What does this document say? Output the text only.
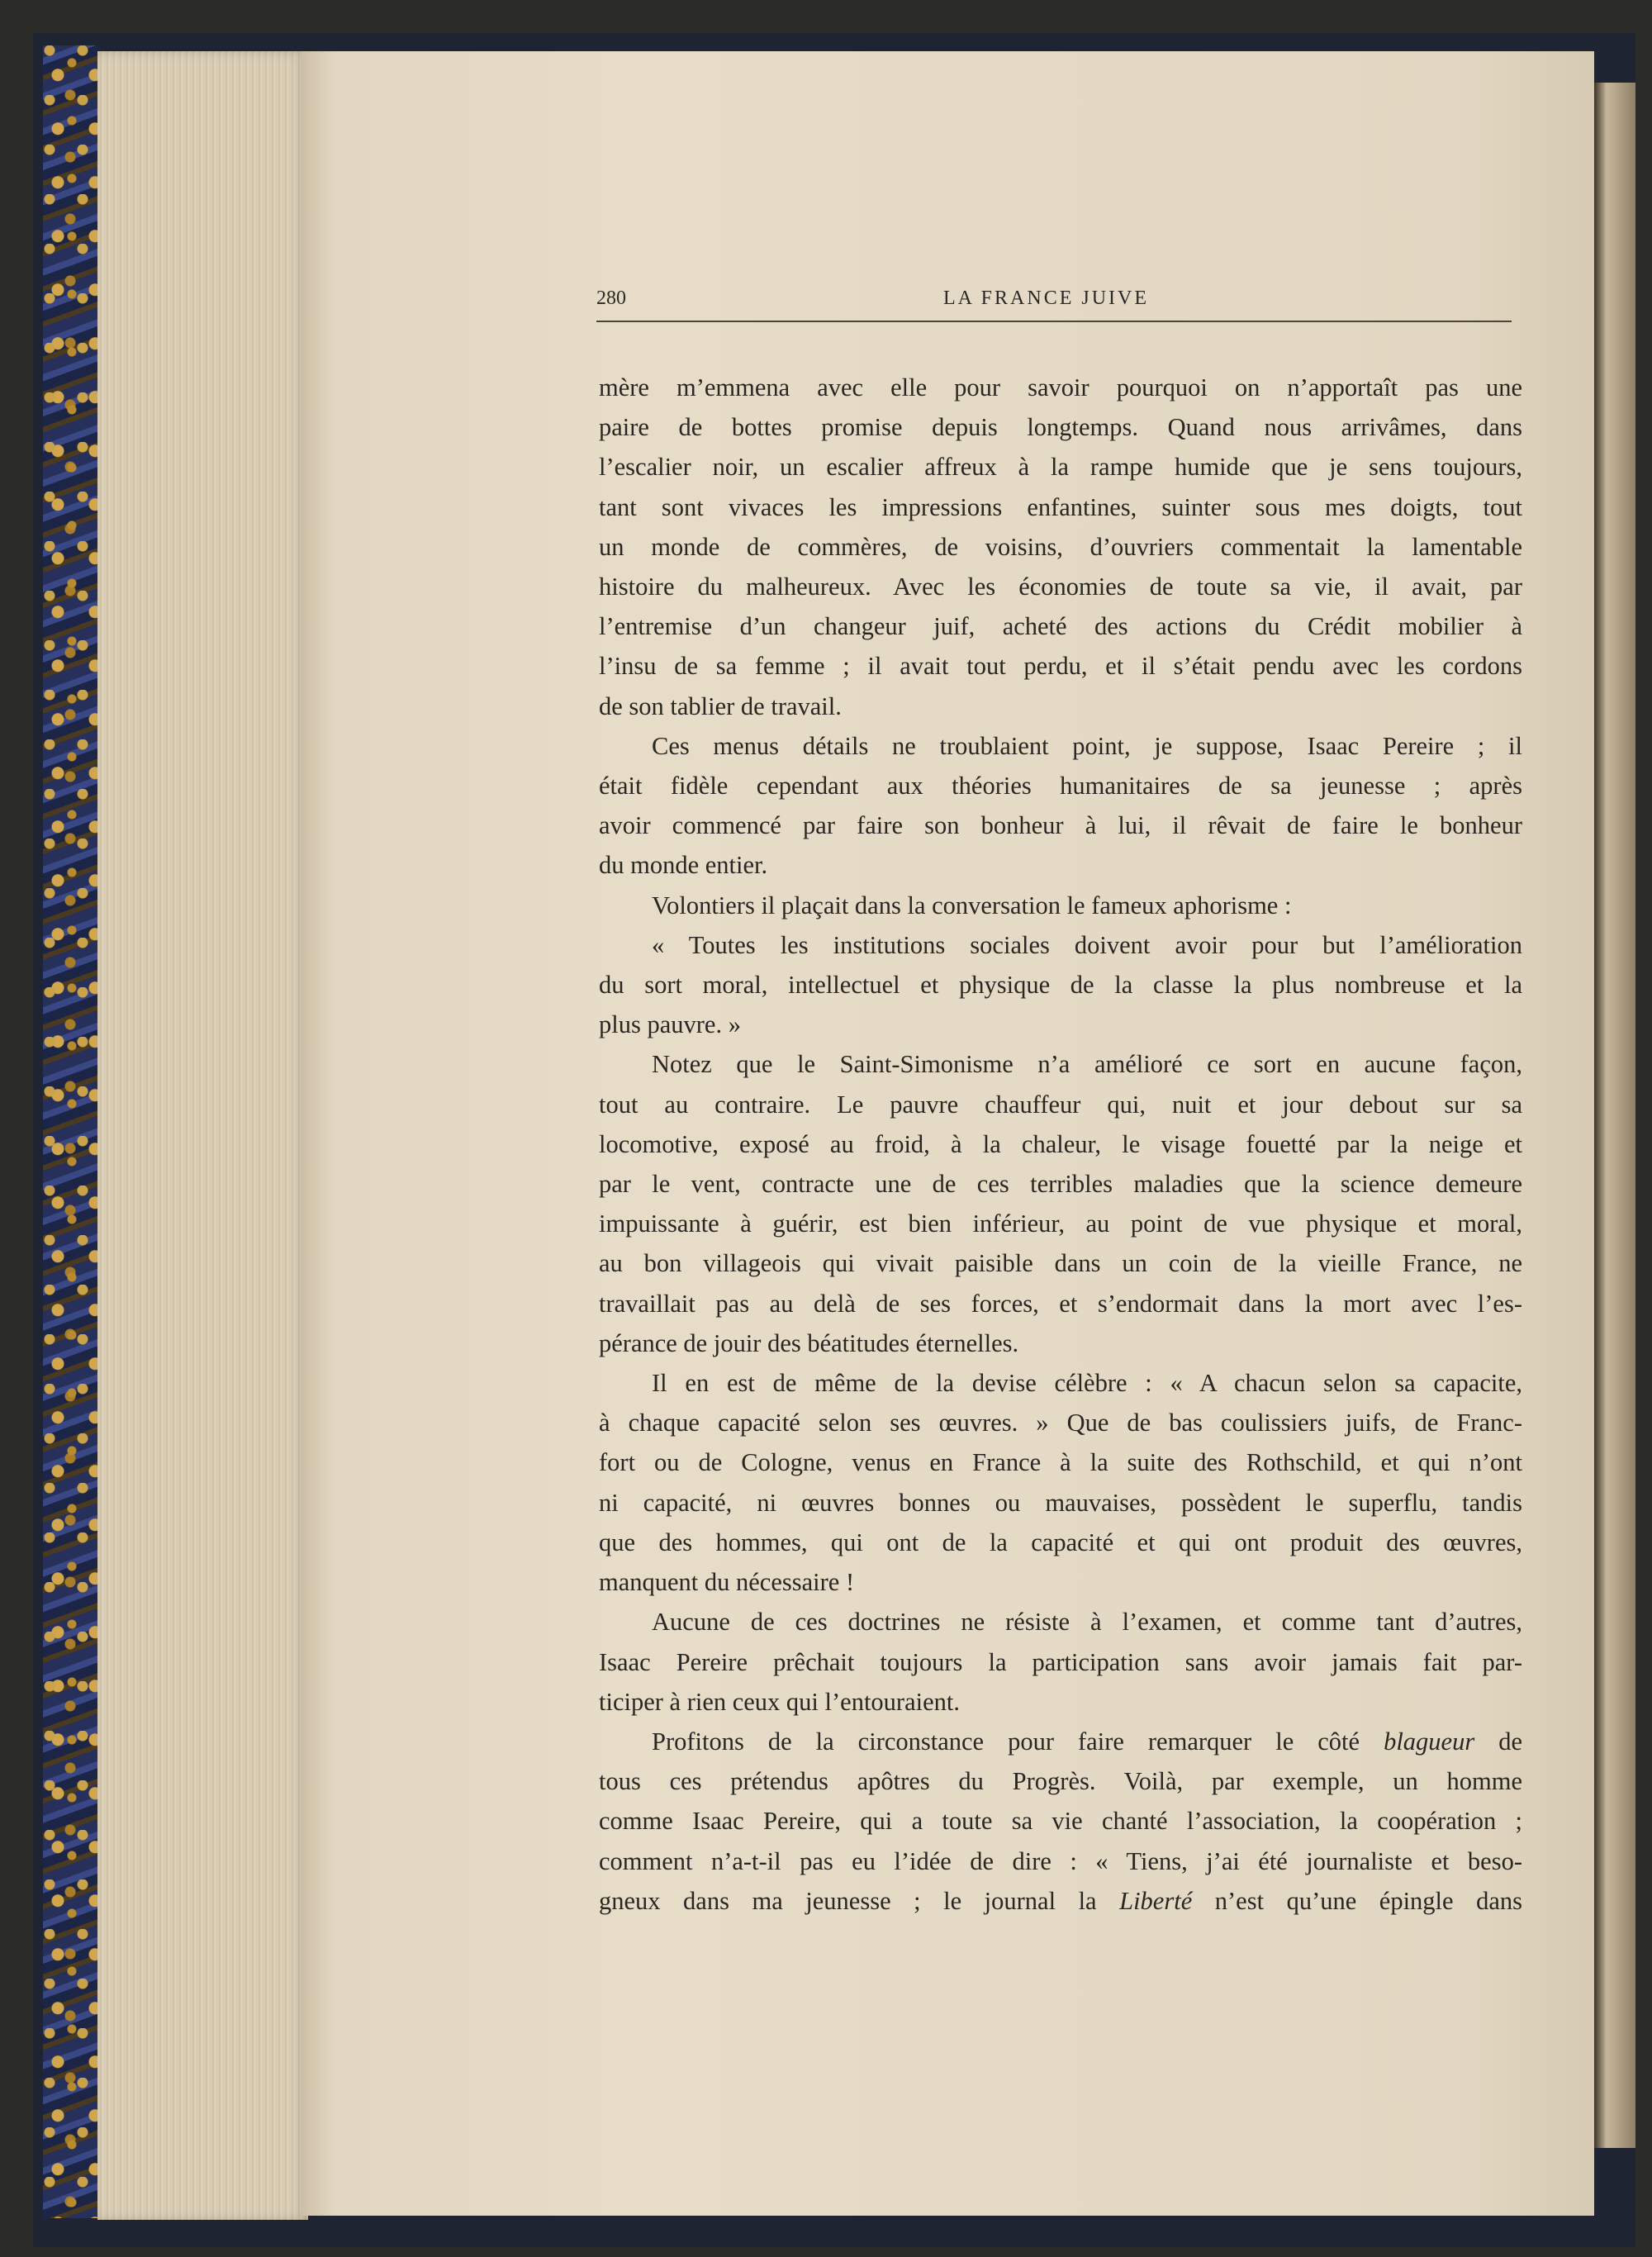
280	LA FRANCE JUIVE
mère m’emmena avec elle pour savoir pourquoi on n’apportaît pas une
paire de bottes promise depuis longtemps. Quand nous arrivâmes, dans
l’escalier noir, un escalier affreux à la rampe humide que je sens toujours,
tant sont vivaces les impressions enfantines, suinter sous mes doigts, tout
un monde de commères, de voisins, d’ouvriers commentait la lamentable
histoire du malheureux. Avec les économies de toute sa vie, il avait, par
l’entremise d’un changeur juif, acheté des actions du Crédit mobilier à
l’insu de sa femme ; il avait tout perdu, et il s’était pendu avec les cordons
de son tablier de travail.
Ces menus détails ne troublaient point, je suppose, Isaac Pereire ; il
était fidèle cependant aux théories humanitaires de sa jeunesse ; après
avoir commencé par faire son bonheur à lui, il rêvait de faire le bonheur
du monde entier.
Volontiers il plaçait dans la conversation le fameux aphorisme :
« Toutes les institutions sociales doivent avoir pour but l’amélioration
du sort moral, intellectuel et physique de la classe la plus nombreuse et la
plus pauvre. »
Notez que le Saint-Simonisme n’a amélioré ce sort en aucune façon,
tout au contraire. Le pauvre chauffeur qui, nuit et jour debout sur sa
locomotive, exposé au froid, à la chaleur, le visage fouetté par la neige et
par le vent, contracte une de ces terribles maladies que la science demeure
impuissante à guérir, est bien inférieur, au point de vue physique et moral,
au bon villageois qui vivait paisible dans un coin de la vieille France, ne
travaillait pas au delà de ses forces, et s’endormait dans la mort avec l’es-
pérance de jouir des béatitudes éternelles.
Il en est de même de la devise célèbre : « A chacun selon sa capacite,
à chaque capacité selon ses œuvres. » Que de bas coulissiers juifs, de Franc-
fort ou de Cologne, venus en France à la suite des Rothschild, et qui n’ont
ni capacité, ni œuvres bonnes ou mauvaises, possèdent le superflu, tandis
que des hommes, qui ont de la capacité et qui ont produit des œuvres,
manquent du nécessaire !
Aucune de ces doctrines ne résiste à l’examen, et comme tant d’autres,
Isaac Pereire prêchait toujours la participation sans avoir jamais fait par-
ticiper à rien ceux qui l’entouraient.
Profitons de la circonstance pour faire remarquer le côté blagueur de
tous ces prétendus apôtres du Progrès. Voilà, par exemple, un homme
comme Isaac Pereire, qui a toute sa vie chanté l’association, la coopération ;
comment n’a-t-il pas eu l’idée de dire : « Tiens, j’ai été journaliste et beso-
gneux dans ma jeunesse ; le journal la Liberté n’est qu’une épingle dans
